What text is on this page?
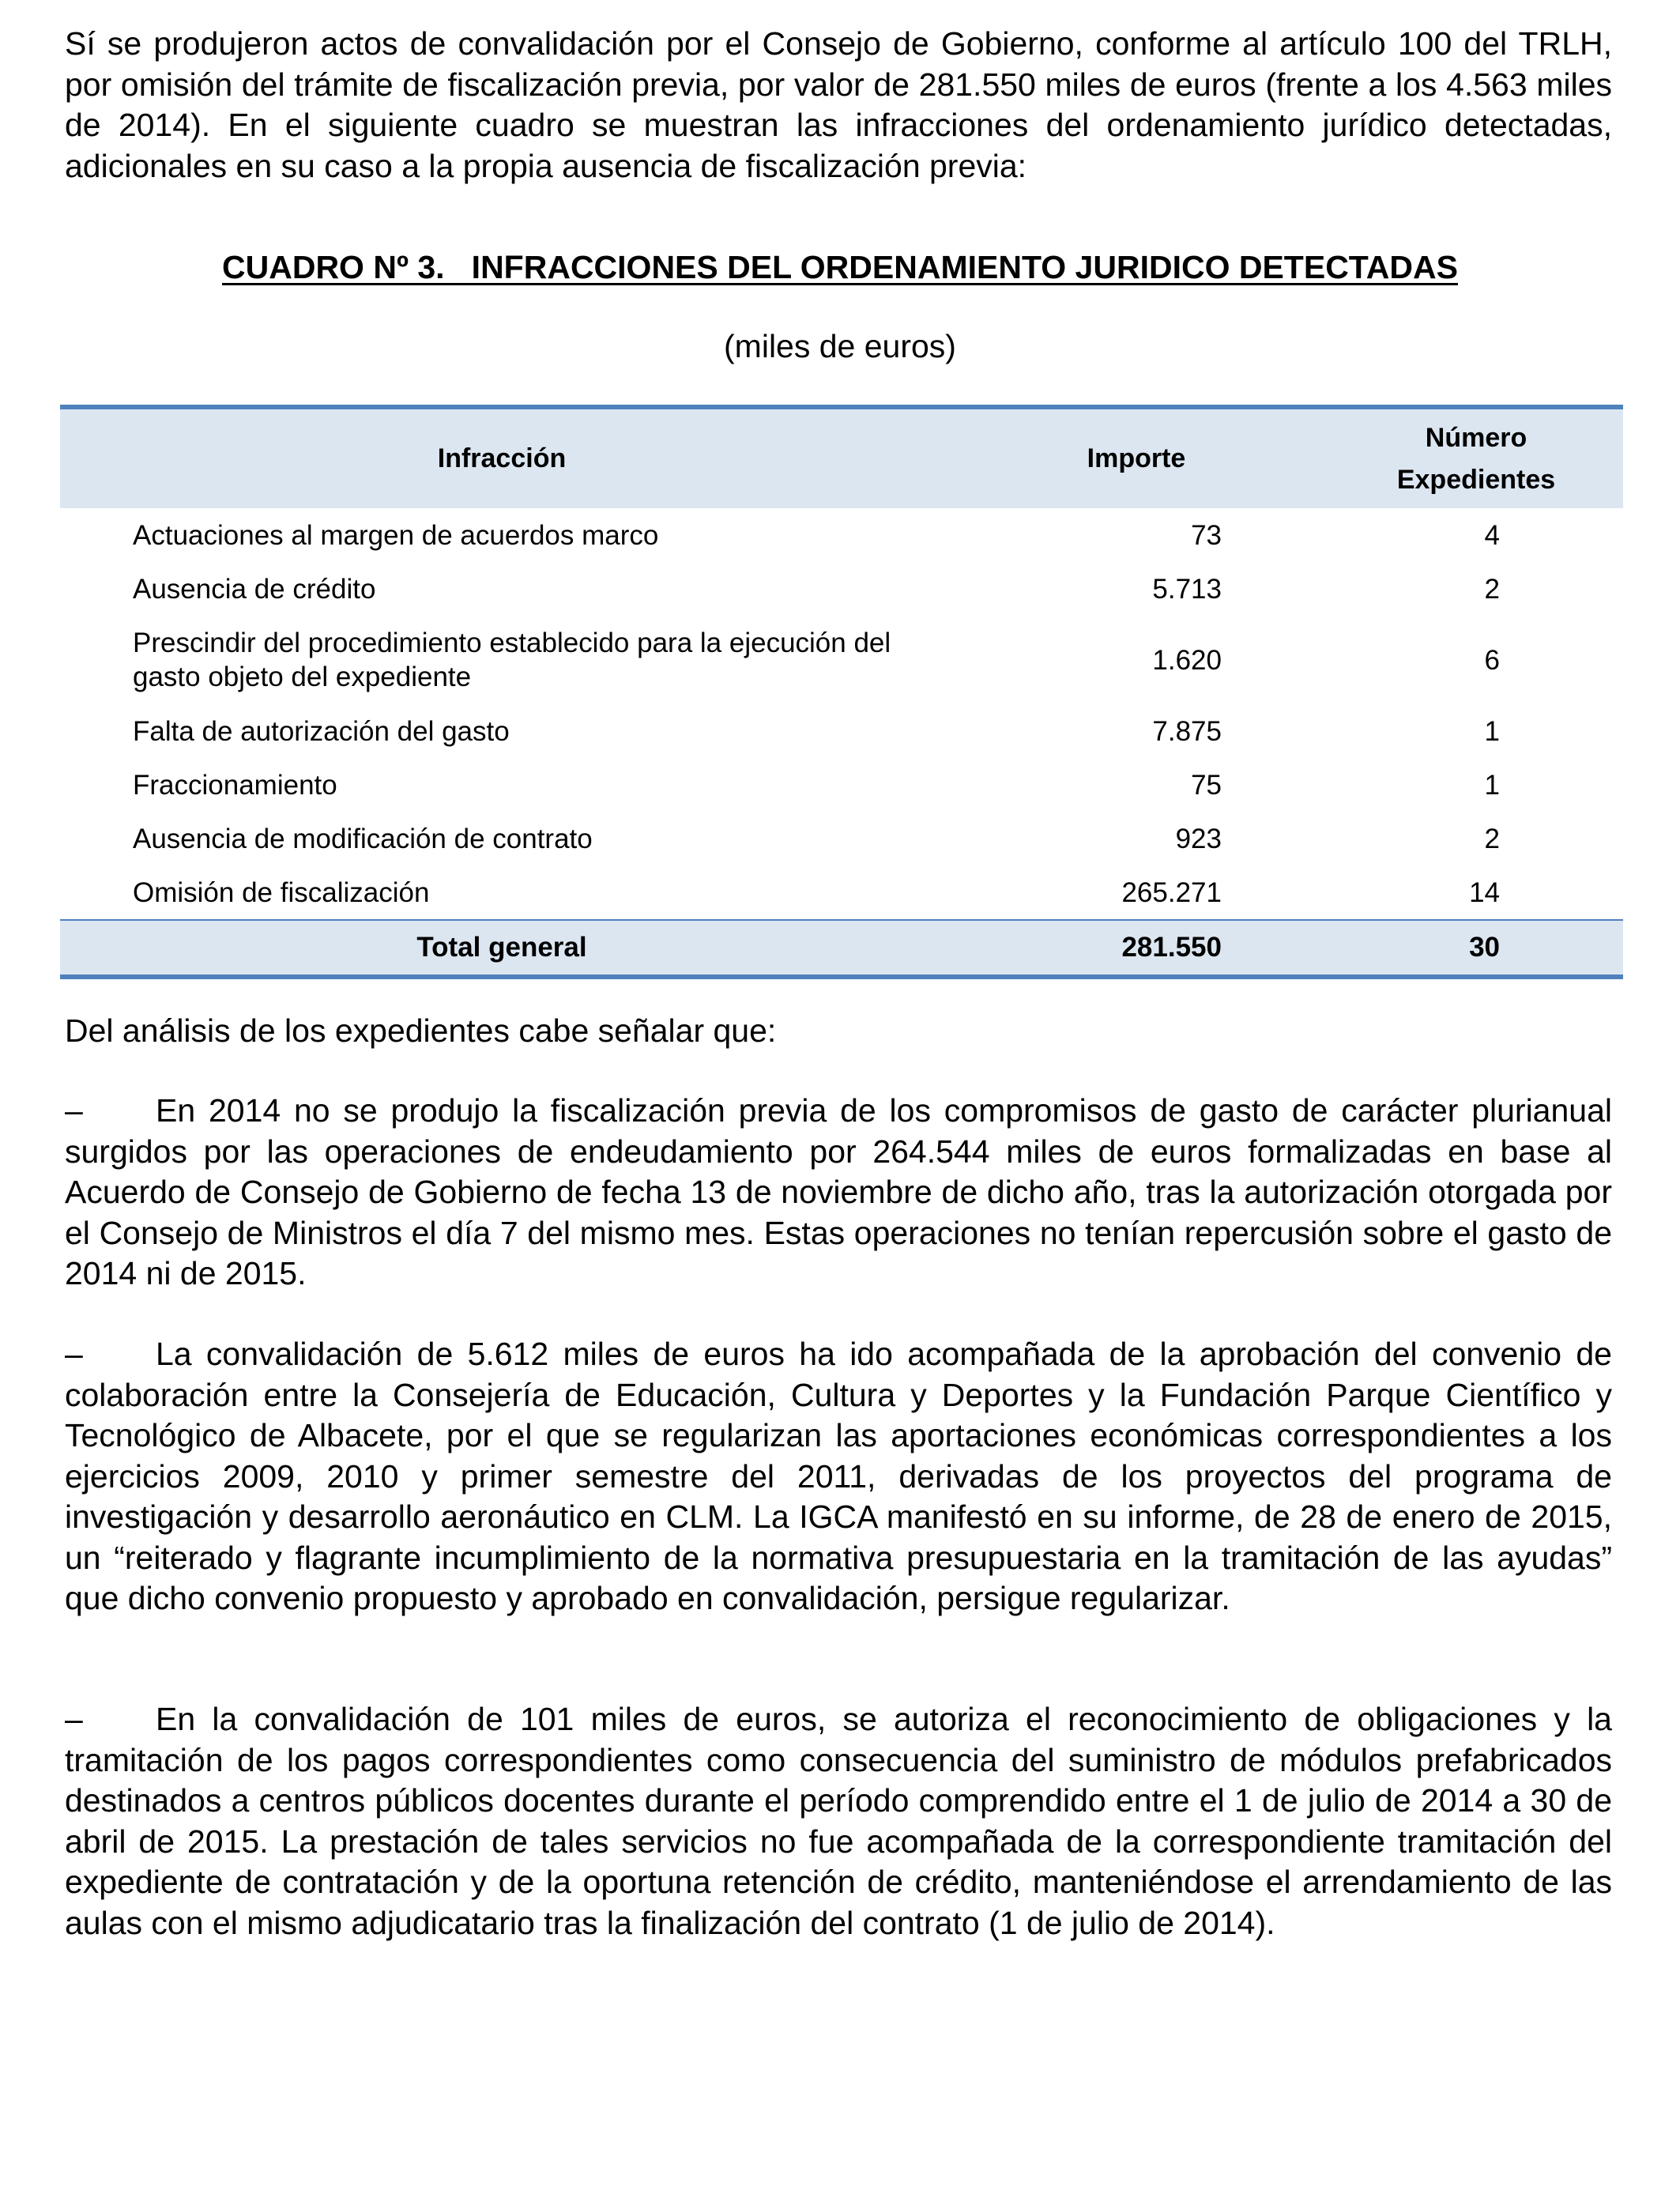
Sí se produjeron actos de convalidación por el Consejo de Gobierno, conforme al artículo 100 del TRLH, por omisión del trámite de fiscalización previa, por valor de 281.550 miles de euros (frente a los 4.563 miles de 2014). En el siguiente cuadro se muestran las infracciones del ordenamiento jurídico detectadas, adicionales en su caso a la propia ausencia de fiscalización previa:

CUADRO Nº 3.   INFRACCIONES DEL ORDENAMIENTO JURIDICO DETECTADAS
(miles de euros)
Infracción	Importe	Número
Expedientes
Actuaciones al margen de acuerdos marco	73	4
Ausencia de crédito	5.713	2
Prescindir del procedimiento establecido para la ejecución del gasto objeto del expediente	1.620	6
Falta de autorización del gasto	7.875	1
Fraccionamiento	75	1
Ausencia de modificación de contrato	923	2
Omisión de fiscalización	265.271	14
Total general	281.550	30
Del análisis de los expedientes cabe señalar que:

– En 2014 no se produjo la fiscalización previa de los compromisos de gasto de carácter plurianual surgidos por las operaciones de endeudamiento por 264.544 miles de euros formalizadas en base al Acuerdo de Consejo de Gobierno de fecha 13 de noviembre de dicho año, tras la autorización otorgada por el Consejo de Ministros el día 7 del mismo mes. Estas operaciones no tenían repercusión sobre el gasto de 2014 ni de 2015.

– La convalidación de 5.612 miles de euros ha ido acompañada de la aprobación del convenio de colaboración entre la Consejería de Educación, Cultura y Deportes y la Fundación Parque Científico y Tecnológico de Albacete, por el que se regularizan las aportaciones económicas correspondientes a los ejercicios 2009, 2010 y primer semestre del 2011, derivadas de los proyectos del programa de investigación y desarrollo aeronáutico en CLM. La IGCA manifestó en su informe, de 28 de enero de 2015, un “reiterado y flagrante incumplimiento de la normativa presupuestaria en la tramitación de las ayudas” que dicho convenio propuesto y aprobado en convalidación, persigue regularizar.

– En la convalidación de 101 miles de euros, se autoriza el reconocimiento de obligaciones y la tramitación de los pagos correspondientes como consecuencia del suministro de módulos prefabricados destinados a centros públicos docentes durante el período comprendido entre el 1 de julio de 2014 a 30 de abril de 2015. La prestación de tales servicios no fue acompañada de la correspondiente tramitación del expediente de contratación y de la oportuna retención de crédito, manteniéndose el arrendamiento de las aulas con el mismo adjudicatario tras la finalización del contrato (1 de julio de 2014).
